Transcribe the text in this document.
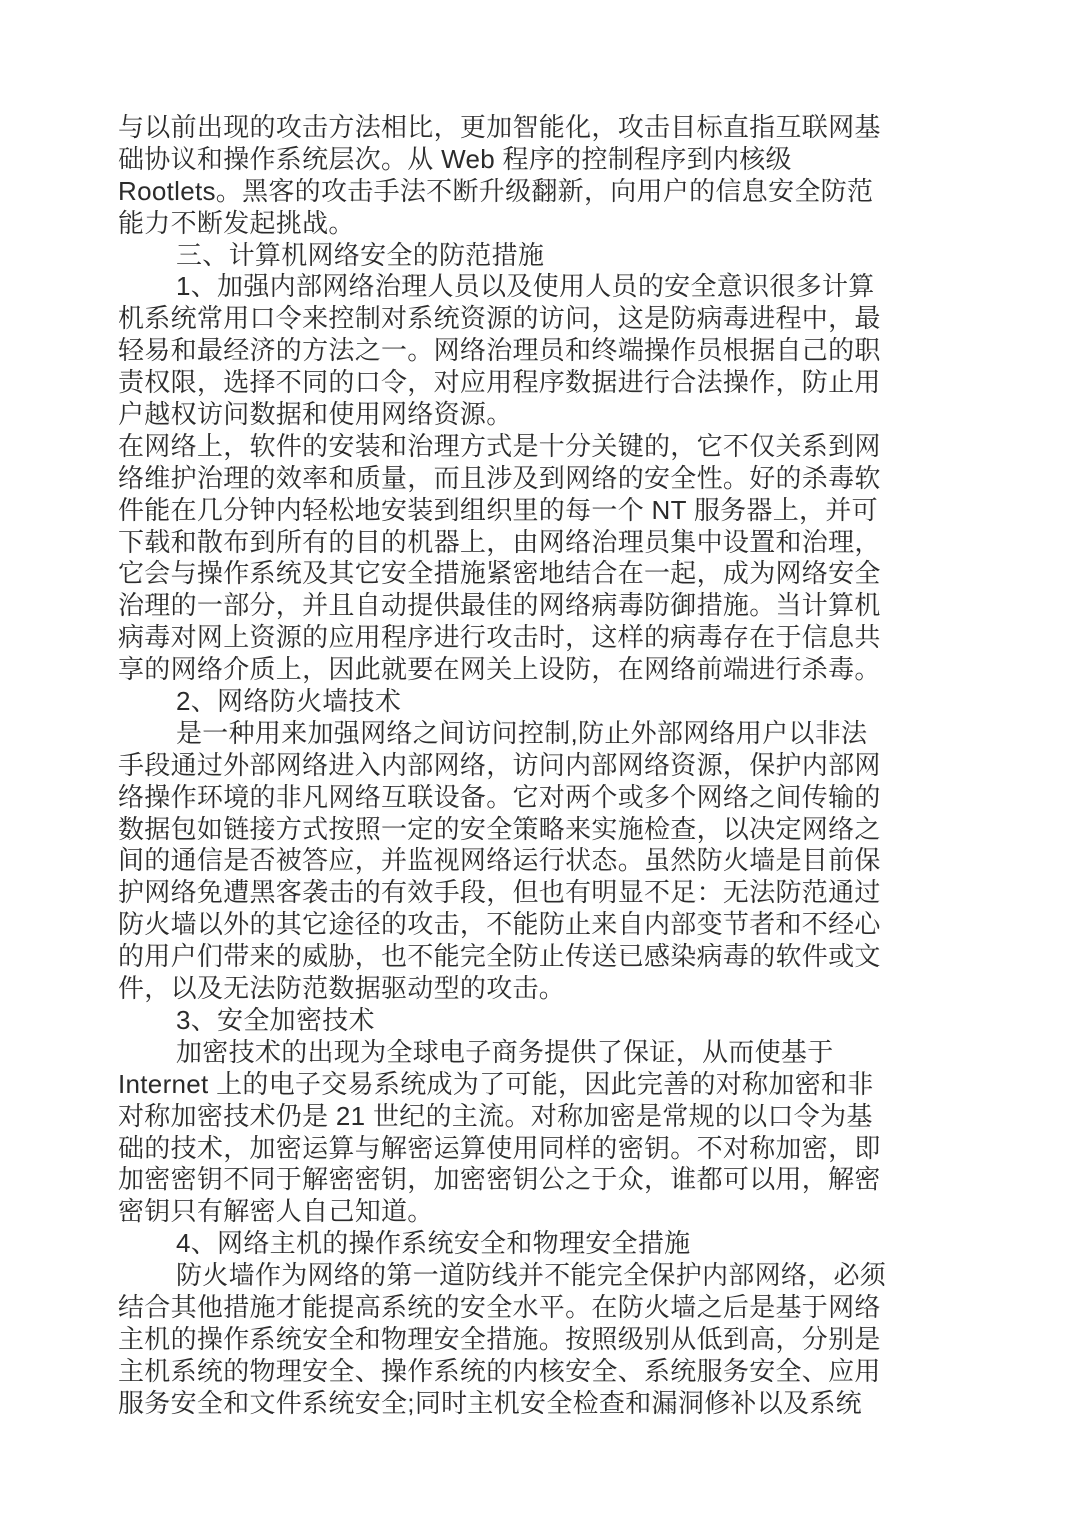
与以前出现的攻击方法相比，更加智能化，攻击目标直指互联网基
础协议和操作系统层次。从 Web 程序的控制程序到内核级
Rootlets。黑客的攻击手法不断升级翻新，向用户的信息安全防范
能力不断发起挑战。
三、计算机网络安全的防范措施
1、加强内部网络治理人员以及使用人员的安全意识很多计算
机系统常用口令来控制对系统资源的访问，这是防病毒进程中，最
轻易和最经济的方法之一。网络治理员和终端操作员根据自己的职
责权限，选择不同的口令，对应用程序数据进行合法操作，防止用
户越权访问数据和使用网络资源。
在网络上，软件的安装和治理方式是十分关键的，它不仅关系到网
络维护治理的效率和质量，而且涉及到网络的安全性。好的杀毒软
件能在几分钟内轻松地安装到组织里的每一个 NT 服务器上，并可
下载和散布到所有的目的机器上，由网络治理员集中设置和治理，
它会与操作系统及其它安全措施紧密地结合在一起，成为网络安全
治理的一部分，并且自动提供最佳的网络病毒防御措施。当计算机
病毒对网上资源的应用程序进行攻击时，这样的病毒存在于信息共
享的网络介质上，因此就要在网关上设防，在网络前端进行杀毒。
2、网络防火墙技术
是一种用来加强网络之间访问控制,防止外部网络用户以非法
手段通过外部网络进入内部网络，访问内部网络资源，保护内部网
络操作环境的非凡网络互联设备。它对两个或多个网络之间传输的
数据包如链接方式按照一定的安全策略来实施检查，以决定网络之
间的通信是否被答应，并监视网络运行状态。虽然防火墙是目前保
护网络免遭黑客袭击的有效手段，但也有明显不足：无法防范通过
防火墙以外的其它途径的攻击，不能防止来自内部变节者和不经心
的用户们带来的威胁，也不能完全防止传送已感染病毒的软件或文
件，以及无法防范数据驱动型的攻击。
3、安全加密技术
加密技术的出现为全球电子商务提供了保证，从而使基于
Internet 上的电子交易系统成为了可能，因此完善的对称加密和非
对称加密技术仍是 21 世纪的主流。对称加密是常规的以口令为基
础的技术，加密运算与解密运算使用同样的密钥。不对称加密，即
加密密钥不同于解密密钥，加密密钥公之于众，谁都可以用，解密
密钥只有解密人自己知道。
4、网络主机的操作系统安全和物理安全措施
防火墙作为网络的第一道防线并不能完全保护内部网络，必须
结合其他措施才能提高系统的安全水平。在防火墙之后是基于网络
主机的操作系统安全和物理安全措施。按照级别从低到高，分别是
主机系统的物理安全、操作系统的内核安全、系统服务安全、应用
服务安全和文件系统安全;同时主机安全检查和漏洞修补以及系统
